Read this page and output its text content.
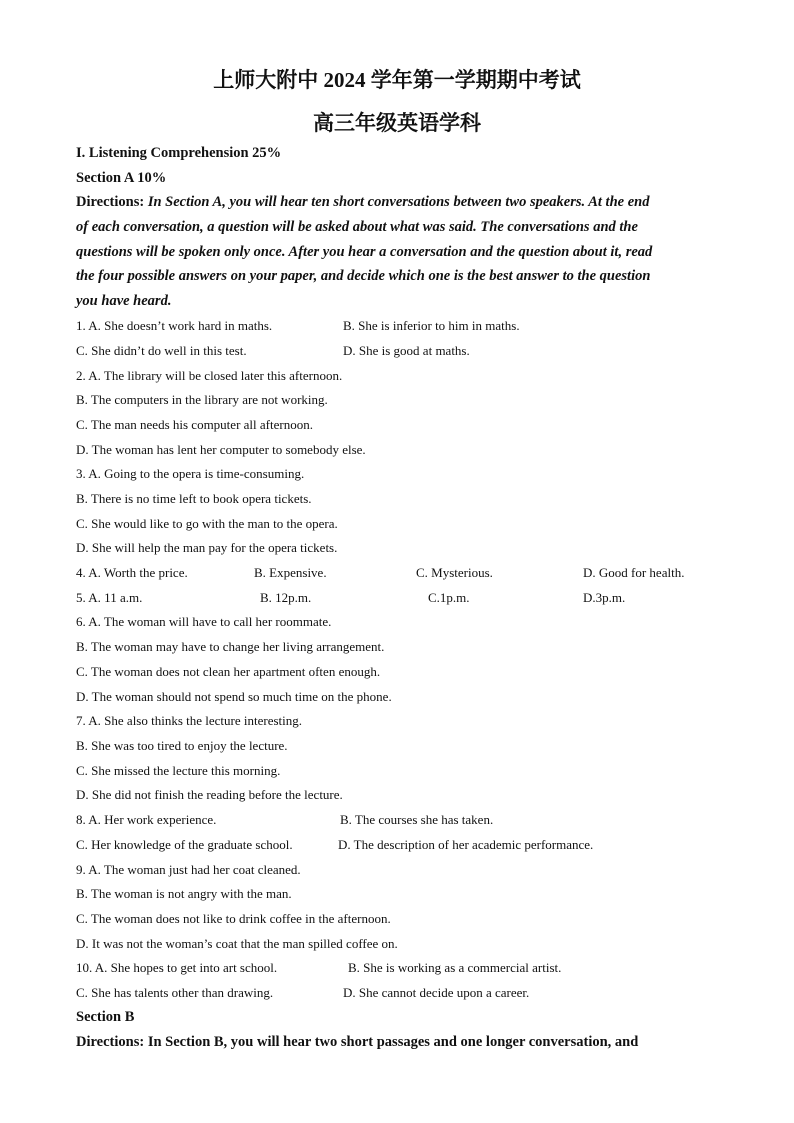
上师大附中 2024 学年第一学期期中考试
高三年级英语学科
I. Listening Comprehension 25%
Section A 10%
Directions: In Section A, you will hear ten short conversations between two speakers. At the end
of each conversation, a question will be asked about what was said. The conversations and the
questions will be spoken only once. After you hear a conversation and the question about it, read
the four possible answers on your paper, and decide which one is the best answer to the question
you have heard.
1. A. She doesn’t work hard in maths.	B. She is inferior to him in maths.
C. She didn’t do well in this test.	D. She is good at maths.
2. A. The library will be closed later this afternoon.
B. The computers in the library are not working.
C. The man needs his computer all afternoon.
D. The woman has lent her computer to somebody else.
3. A. Going to the opera is time-consuming.
B. There is no time left to book opera tickets.
C. She would like to go with the man to the opera.
D. She will help the man pay for the opera tickets.
4. A. Worth the price.	B. Expensive.	C. Mysterious.	D. Good for health.
5. A. 11 a.m.	B. 12p.m.	C.1p.m.	D.3p.m.
6. A. The woman will have to call her roommate.
B. The woman may have to change her living arrangement.
C. The woman does not clean her apartment often enough.
D. The woman should not spend so much time on the phone.
7. A. She also thinks the lecture interesting.
B. She was too tired to enjoy the lecture.
C. She missed the lecture this morning.
D. She did not finish the reading before the lecture.
8. A. Her work experience.	B. The courses she has taken.
C. Her knowledge of the graduate school.	D. The description of her academic performance.
9. A. The woman just had her coat cleaned.
B. The woman is not angry with the man.
C. The woman does not like to drink coffee in the afternoon.
D. It was not the woman’s coat that the man spilled coffee on.
10. A. She hopes to get into art school.	B. She is working as a commercial artist.
C. She has talents other than drawing.	D. She cannot decide upon a career.
Section B
Directions: In Section B, you will hear two short passages and one longer conversation, and
